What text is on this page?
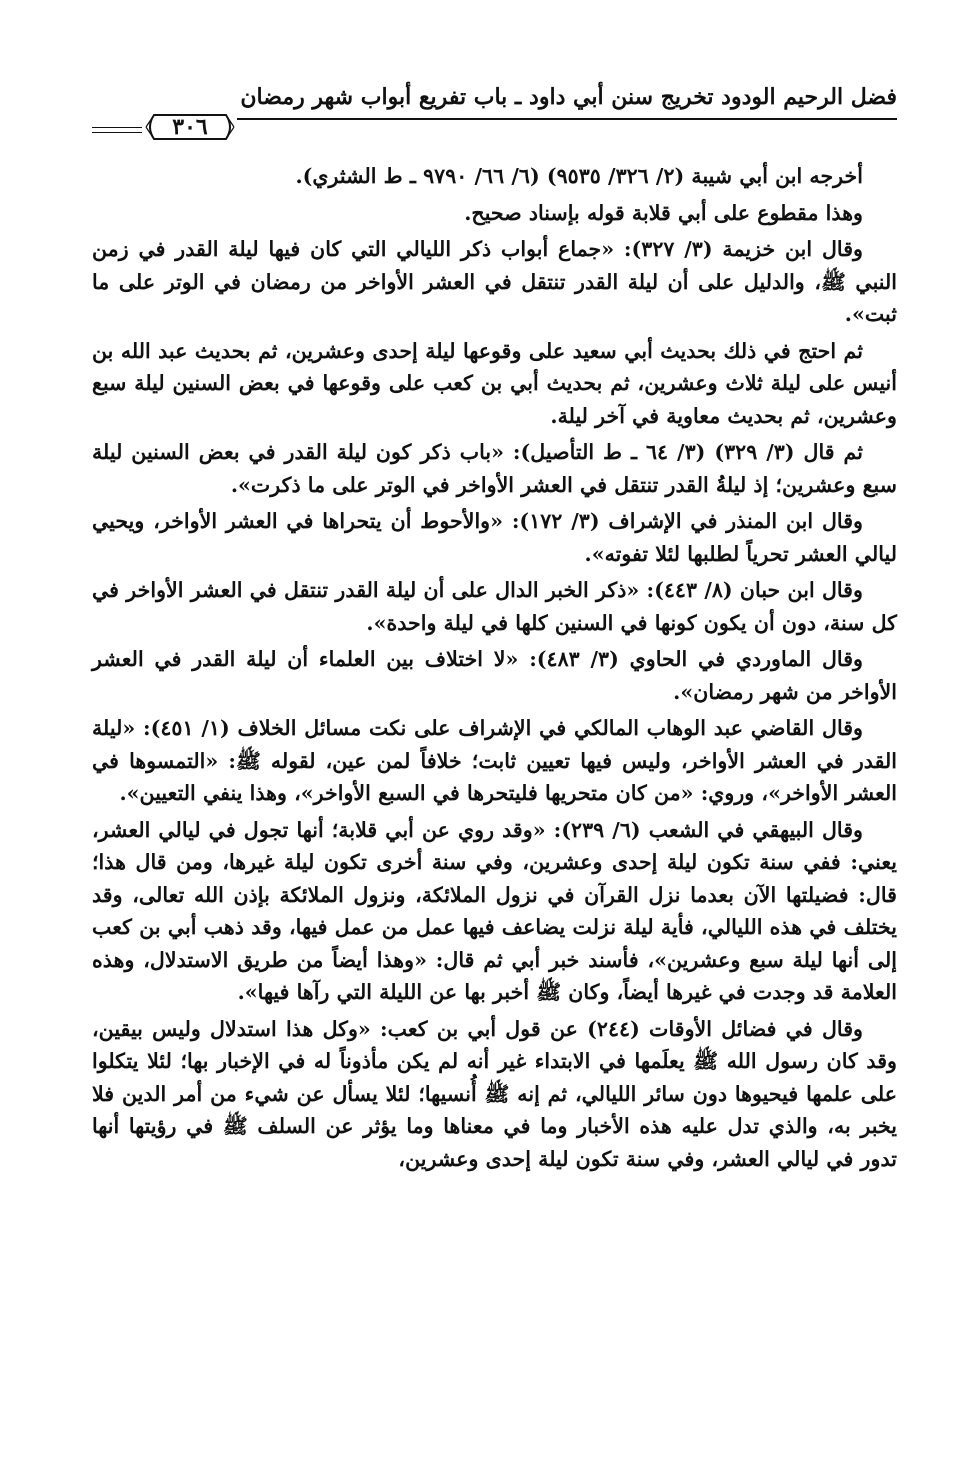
فضل الرحيم الودود تخريج سنن أبي داود ـ باب تفريع أبواب شهر رمضان
٣٠٦

أخرجه ابن أبي شيبة (٢/ ٣٢٦/ ٩٥٣٥) (٦/ ٦٦/ ٩٧٩٠ ـ ط الشثري).

وهذا مقطوع على أبي قلابة قوله بإسناد صحيح.

وقال ابن خزيمة (٣/ ٣٢٧): «جماع أبواب ذكر الليالي التي كان فيها ليلة القدر في زمن النبي ﷺ، والدليل على أن ليلة القدر تنتقل في العشر الأواخر من رمضان في الوتر على ما ثبت».

ثم احتج في ذلك بحديث أبي سعيد على وقوعها ليلة إحدى وعشرين، ثم بحديث عبد الله بن أنيس على ليلة ثلاث وعشرين، ثم بحديث أبي بن كعب على وقوعها في بعض السنين ليلة سبع وعشرين، ثم بحديث معاوية في آخر ليلة.

ثم قال (٣/ ٣٢٩) (٣/ ٦٤ ـ ط التأصيل): «باب ذكر كون ليلة القدر في بعض السنين ليلة سبع وعشرين؛ إذ ليلةُ القدر تنتقل في العشر الأواخر في الوتر على ما ذكرت».

وقال ابن المنذر في الإشراف (٣/ ١٧٢): «والأحوط أن يتحراها في العشر الأواخر، ويحيي ليالي العشر تحرياً لطلبها لئلا تفوته».

وقال ابن حبان (٨/ ٤٤٣): «ذكر الخبر الدال على أن ليلة القدر تنتقل في العشر الأواخر في كل سنة، دون أن يكون كونها في السنين كلها في ليلة واحدة».

وقال الماوردي في الحاوي (٣/ ٤٨٣): «لا اختلاف بين العلماء أن ليلة القدر في العشر الأواخر من شهر رمضان».

وقال القاضي عبد الوهاب المالكي في الإشراف على نكت مسائل الخلاف (١/ ٤٥١): «ليلة القدر في العشر الأواخر، وليس فيها تعيين ثابت؛ خلافاً لمن عين، لقوله ﷺ: «التمسوها في العشر الأواخر»، وروي: «من كان متحريها فليتحرها في السبع الأواخر»، وهذا ينفي التعيين».

وقال البيهقي في الشعب (٦/ ٢٣٩): «وقد روي عن أبي قلابة؛ أنها تجول في ليالي العشر، يعني: ففي سنة تكون ليلة إحدى وعشرين، وفي سنة أخرى تكون ليلة غيرها، ومن قال هذا؛ قال: فضيلتها الآن بعدما نزل القرآن في نزول الملائكة، ونزول الملائكة بإذن الله تعالى، وقد يختلف في هذه الليالي، فأية ليلة نزلت يضاعف فيها عمل من عمل فيها، وقد ذهب أبي بن كعب إلى أنها ليلة سبع وعشرين»، فأسند خبر أبي ثم قال: «وهذا أيضاً من طريق الاستدلال، وهذه العلامة قد وجدت في غيرها أيضاً، وكان ﷺ أخبر بها عن الليلة التي رآها فيها».

وقال في فضائل الأوقات (٢٤٤) عن قول أبي بن كعب: «وكل هذا استدلال وليس بيقين، وقد كان رسول الله ﷺ يعلَمها في الابتداء غير أنه لم يكن مأذوناً له في الإخبار بها؛ لئلا يتكلوا على علمها فيحيوها دون سائر الليالي، ثم إنه ﷺ أُنسيها؛ لئلا يسأل عن شيء من أمر الدين فلا يخبر به، والذي تدل عليه هذه الأخبار وما في معناها وما يؤثر عن السلف ﷺ في رؤيتها أنها تدور في ليالي العشر، وفي سنة تكون ليلة إحدى وعشرين،
